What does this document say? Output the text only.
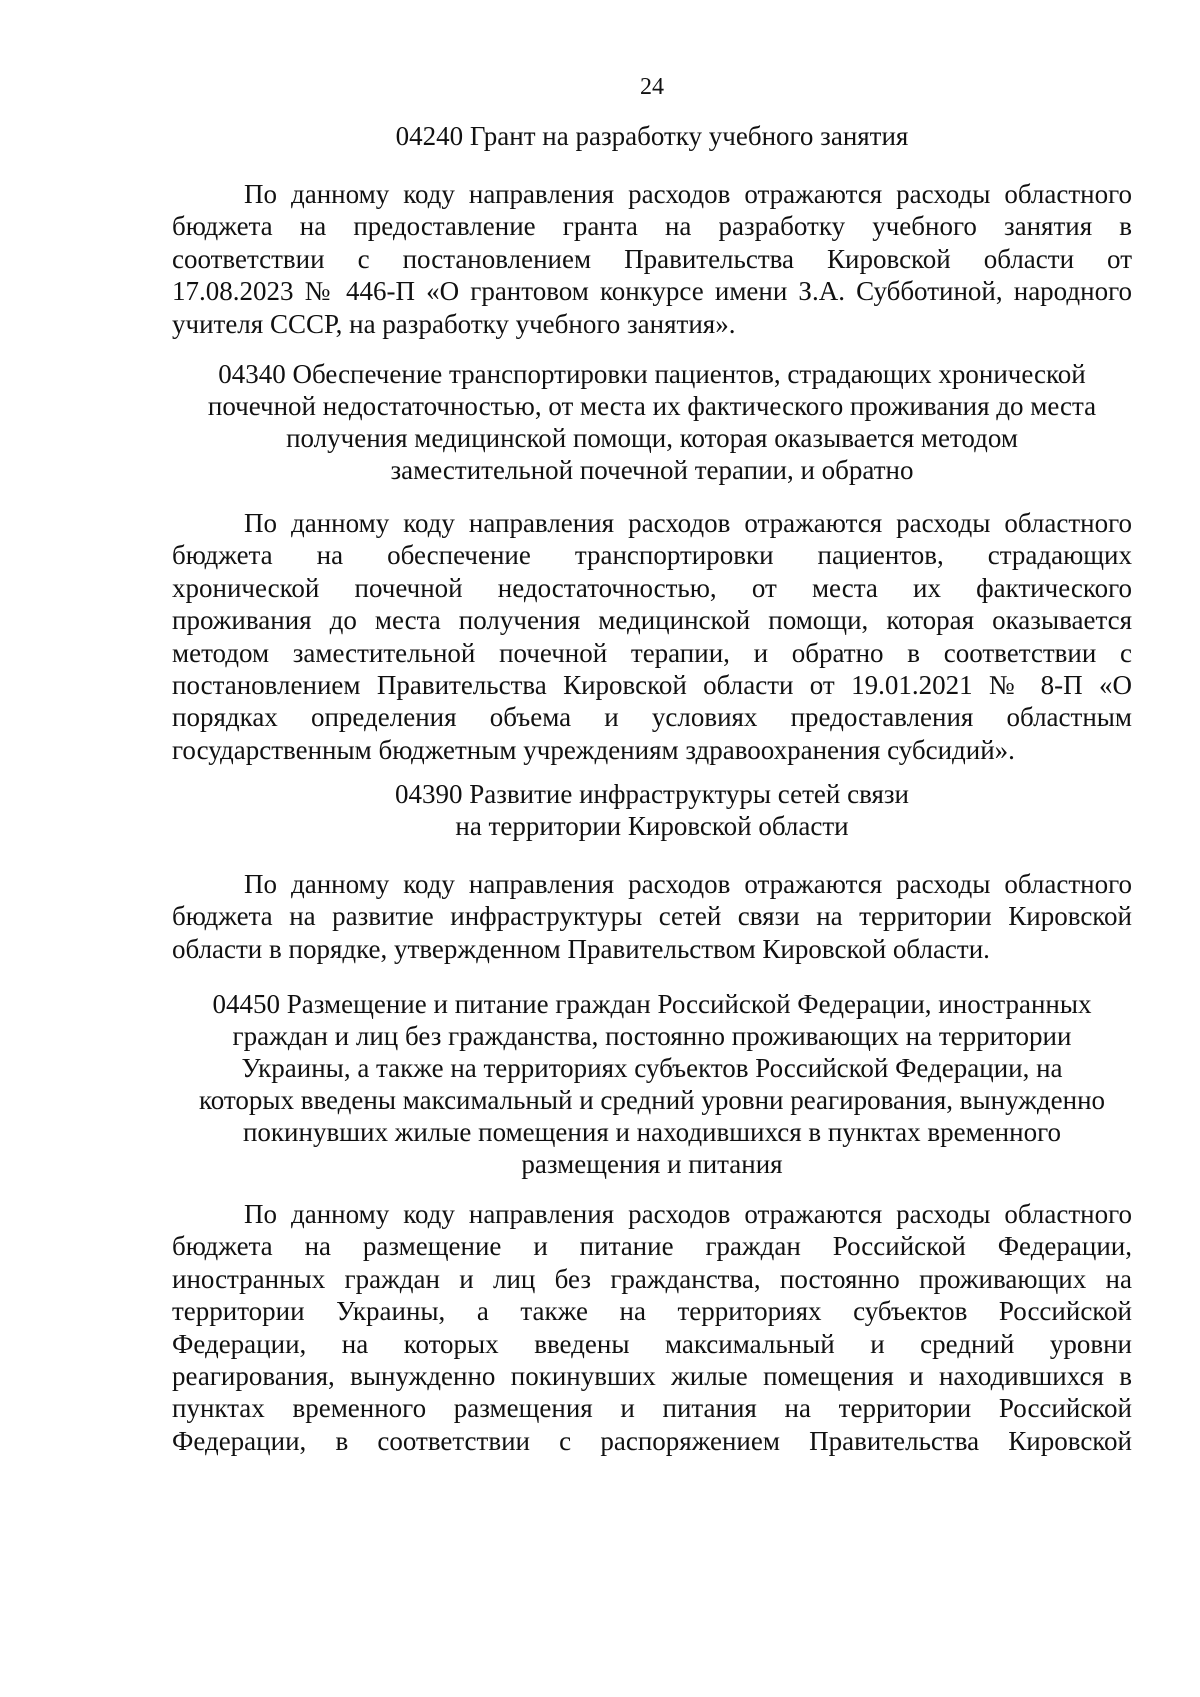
24
04240 Грант на разработку учебного занятия
По данному коду направления расходов отражаются расходы областного
бюджета на предоставление гранта на разработку учебного занятия в
соответствии с постановлением Правительства Кировской области от
17.08.2023 № 446-П «О грантовом конкурсе имени З.А. Субботиной, народного
учителя СССР, на разработку учебного занятия».
04340 Обеспечение транспортировки пациентов, страдающих хронической
почечной недостаточностью, от места их фактического проживания до места
получения медицинской помощи, которая оказывается методом
заместительной почечной терапии, и обратно
По данному коду направления расходов отражаются расходы областного
бюджета на обеспечение транспортировки пациентов, страдающих
хронической почечной недостаточностью, от места их фактического
проживания до места получения медицинской помощи, которая оказывается
методом заместительной почечной терапии, и обратно в соответствии с
постановлением Правительства Кировской области от 19.01.2021 № 8-П «О
порядках определения объема и условиях предоставления областным
государственным бюджетным учреждениям здравоохранения субсидий».
04390 Развитие инфраструктуры сетей связи
на территории Кировской области
По данному коду направления расходов отражаются расходы областного
бюджета на развитие инфраструктуры сетей связи на территории Кировской
области в порядке, утвержденном Правительством Кировской области.
04450 Размещение и питание граждан Российской Федерации, иностранных
граждан и лиц без гражданства, постоянно проживающих на территории
Украины, а также на территориях субъектов Российской Федерации, на
которых введены максимальный и средний уровни реагирования, вынужденно
покинувших жилые помещения и находившихся в пунктах временного
размещения и питания
По данному коду направления расходов отражаются расходы областного
бюджета на размещение и питание граждан Российской Федерации,
иностранных граждан и лиц без гражданства, постоянно проживающих на
территории Украины, а также на территориях субъектов Российской
Федерации, на которых введены максимальный и средний уровни
реагирования, вынужденно покинувших жилые помещения и находившихся в
пунктах временного размещения и питания на территории Российской
Федерации, в соответствии с распоряжением Правительства Кировской
